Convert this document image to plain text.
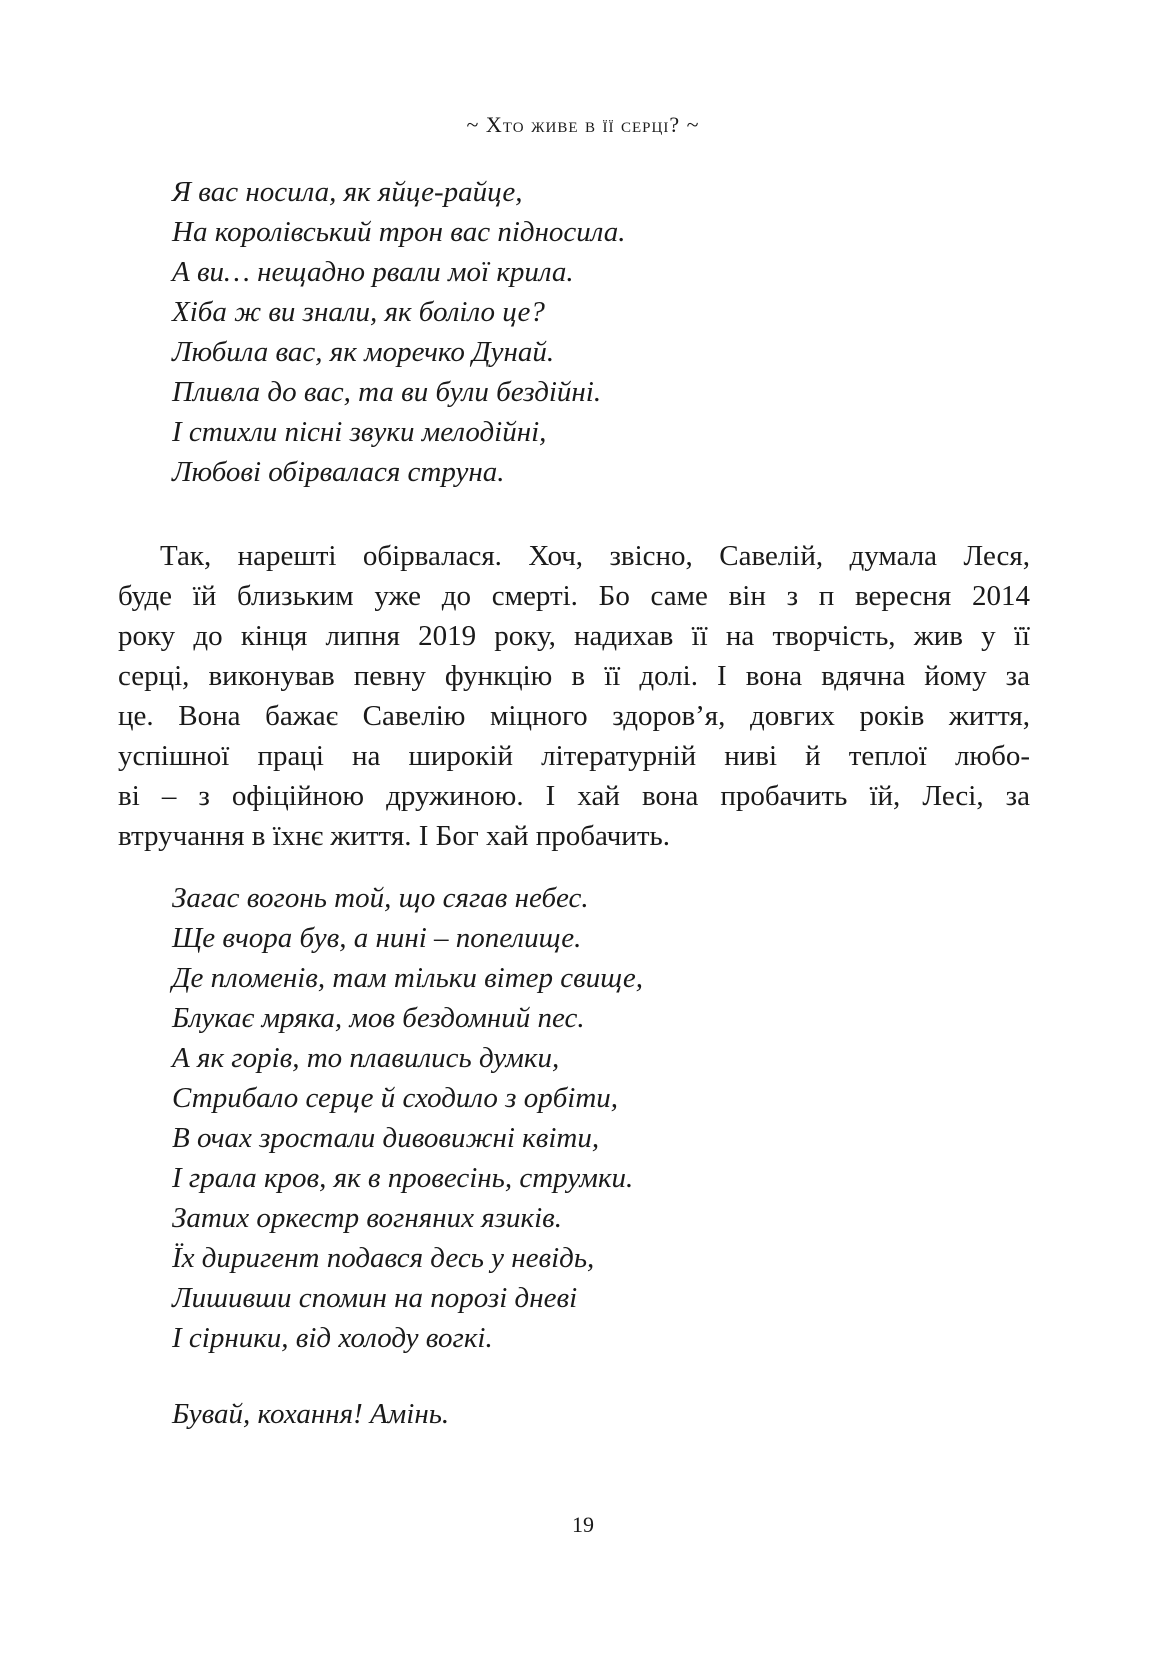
~ Хто живе в її серці? ~
Я вас носила, як яйце-райце,
На королівський трон вас підносила.
А ви… нещадно рвали мої крила.
Хіба ж ви знали, як боліло це?
Любила вас, як моречко Дунай.
Пливла до вас, та ви були бездійні.
І стихли пісні звуки мелодійні,
Любові обірвалася струна.

Так, нарешті обірвалася. Хоч, звісно, Савелій, думала Леся,
буде їй близьким уже до смерті. Бо саме він з п вересня 2014
року до кінця липня 2019 року, надихав її на творчість, жив у її
серці, виконував певну функцію в її долі. І вона вдячна йому за
це. Вона бажає Савелію міцного здоров’я, довгих років життя,
успішної праці на широкій літературній ниві й теплої любо-
ві – з офіційною дружиною. І хай вона пробачить їй, Лесі, за
втручання в їхнє життя. І Бог хай пробачить.

Загас вогонь той, що сягав небес.
Ще вчора був, а нині – попелище.
Де пломенів, там тільки вітер свище,
Блукає мряка, мов бездомний пес.
А як горів, то плавились думки,
Стрибало серце й сходило з орбіти,
В очах зростали дивовижні квіти,
І грала кров, як в провесінь, струмки.
Затих оркестр вогняних язиків.
Їх диригент подався десь у невідь,
Лишивши спомин на порозі дневі
І сірники, від холоду вогкі.
Бувай, кохання! Амінь.
19
